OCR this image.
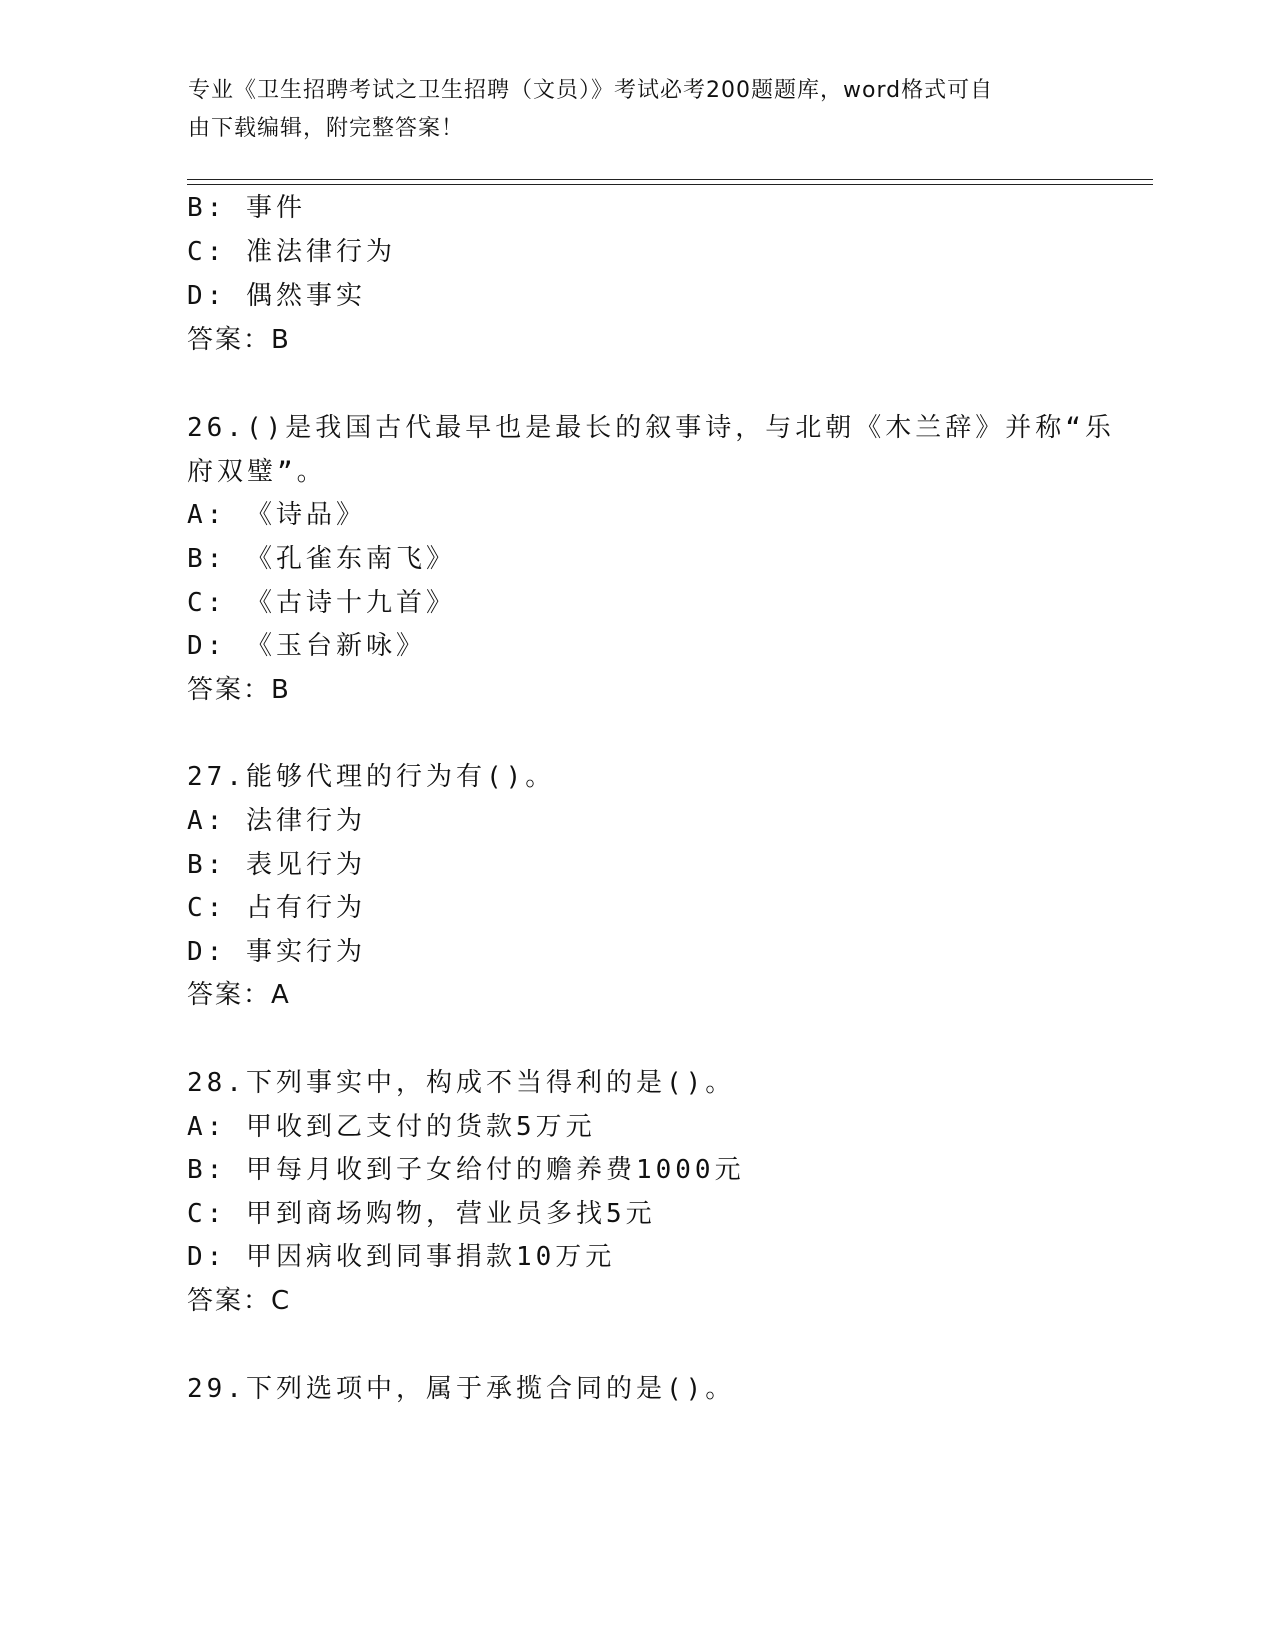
专业《卫生招聘考试之卫生招聘（文员）》考试必考200题题库，word格式可自
由下载编辑，附完整答案！
B: 事件
C: 准法律行为
D: 偶然事实
答案：B
26.()是我国古代最早也是最长的叙事诗，与北朝《木兰辞》并称“乐
府双璧”。
A: 《诗品》
B: 《孔雀东南飞》
C: 《古诗十九首》
D: 《玉台新咏》
答案：B
27.能够代理的行为有()。
A: 法律行为
B: 表见行为
C: 占有行为
D: 事实行为
答案：A
28.下列事实中，构成不当得利的是()。
A: 甲收到乙支付的货款5万元
B: 甲每月收到子女给付的赡养费1000元
C: 甲到商场购物，营业员多找5元
D: 甲因病收到同事捐款10万元
答案：C
29.下列选项中，属于承揽合同的是()。
